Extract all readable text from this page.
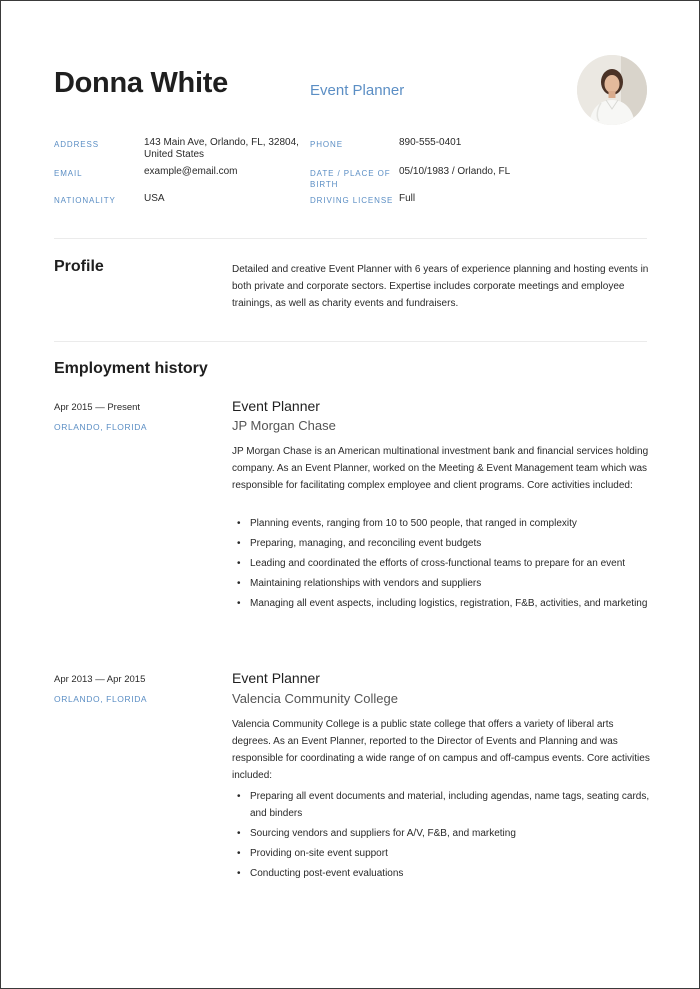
Donna White	Event Planner
ADDRESS	143 Main Ave, Orlando, FL, 32804, United States
PHONE	890-555-0401
EMAIL	example@email.com	DATE / PLACE OF BIRTH
05/10/1983 / Orlando, FL
NATIONALITY	USA	DRIVING LICENSE Full
Profile	Detailed and creative Event Planner with 6 years of experience planning and hosting events in both private and corporate sectors. Expertise includes corporate meetings and employee trainings, as well as charity events and fundraisers.
Employment history
Apr 2015 — Present
ORLANDO, FLORIDA
Event Planner
JP Morgan Chase
JP Morgan Chase is an American multinational investment bank and financial services holding company. As an Event Planner, worked on the Meeting & Event Management team which was responsible for facilitating complex employee and client programs. Core activities included:
• Planning events, ranging from 10 to 500 people, that ranged in complexity
• Preparing, managing, and reconciling event budgets
• Leading and coordinated the efforts of cross-functional teams to prepare for an event
• Maintaining relationships with vendors and suppliers
• Managing all event aspects, including logistics, registration, F&B, activities, and marketing
Apr 2013 — Apr 2015
ORLANDO, FLORIDA
Event Planner
Valencia Community College
Valencia Community College is a public state college that offers a variety of liberal arts degrees. As an Event Planner, reported to the Director of Events and Planning and was responsible for coordinating a wide range of on campus and off-campus events. Core activities included:
• Preparing all event documents and material, including agendas, name tags, seating cards, and binders
• Sourcing vendors and suppliers for A/V, F&B, and marketing
• Providing on-site event support
• Conducting post-event evaluations
